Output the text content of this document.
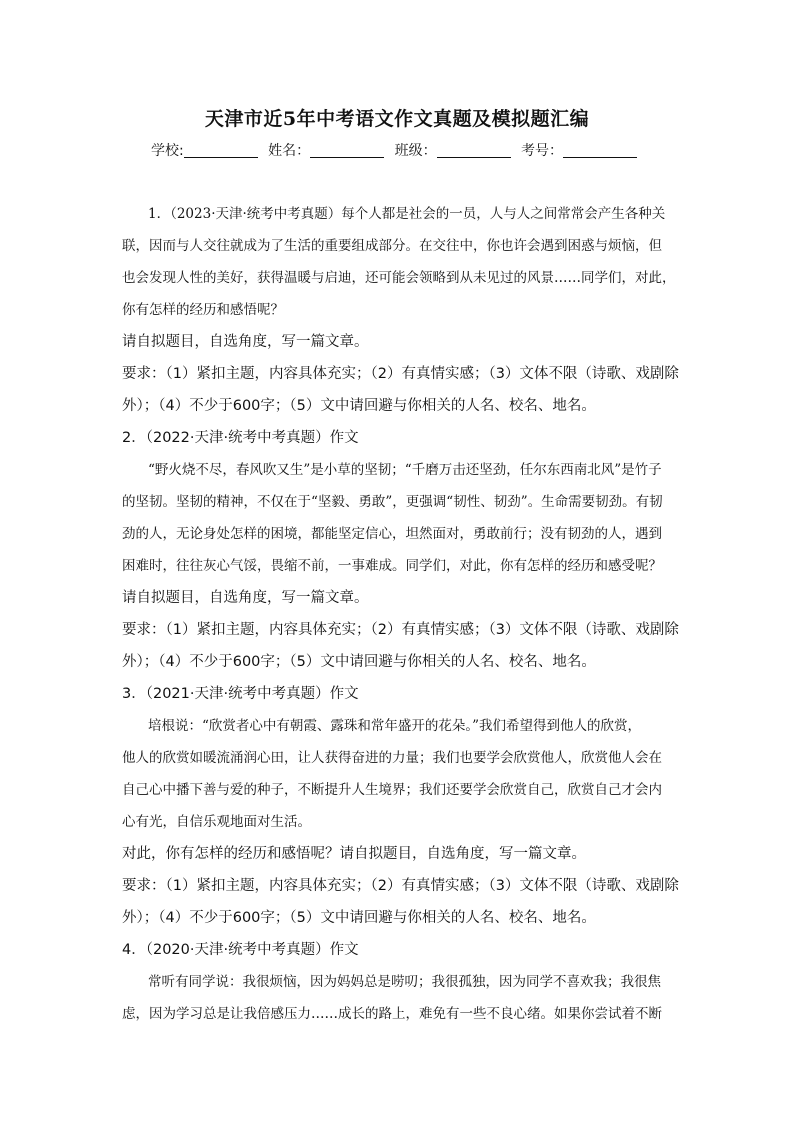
天津市近5年中考语文作文真题及模拟题汇编
学校:	姓名：	班级：	考号：
1．（2023·天津·统考中考真题）每个人都是社会的一员，人与人之间常常会产生各种关
联，因而与人交往就成为了生活的重要组成部分。在交往中，你也许会遇到困惑与烦恼，但
也会发现人性的美好，获得温暖与启迪，还可能会领略到从未见过的风景……同学们，对此，
你有怎样的经历和感悟呢？
请自拟题目，自选角度，写一篇文章。
要求：（1）紧扣主题，内容具体充实；（2）有真情实感；（3）文体不限（诗歌、戏剧除
外）；（4）不少于600字；（5）文中请回避与你相关的人名、校名、地名。
2．（2022·天津·统考中考真题）作文
“野火烧不尽，春风吹又生”是小草的坚韧；“千磨万击还坚劲，任尔东西南北风”是竹子
的坚韧。坚韧的精神，不仅在于“坚毅、勇敢”，更强调“韧性、韧劲”。生命需要韧劲。有韧
劲的人，无论身处怎样的困境，都能坚定信心，坦然面对，勇敢前行；没有韧劲的人，遇到
困难时，往往灰心气馁，畏缩不前，一事难成。同学们，对此，你有怎样的经历和感受呢？
请自拟题目，自选角度，写一篇文章。
要求：（1）紧扣主题，内容具体充实；（2）有真情实感；（3）文体不限（诗歌、戏剧除
外）；（4）不少于600字；（5）文中请回避与你相关的人名、校名、地名。
3．（2021·天津·统考中考真题）作文
培根说：“欣赏者心中有朝霞、露珠和常年盛开的花朵。”我们希望得到他人的欣赏，
他人的欣赏如暖流涌润心田，让人获得奋进的力量；我们也要学会欣赏他人，欣赏他人会在
自己心中播下善与爱的种子，不断提升人生境界；我们还要学会欣赏自己，欣赏自己才会内
心有光，自信乐观地面对生活。
对此，你有怎样的经历和感悟呢？请自拟题目，自选角度，写一篇文章。
要求：（1）紧扣主题，内容具体充实；（2）有真情实感；（3）文体不限（诗歌、戏剧除
外）；（4）不少于600字；（5）文中请回避与你相关的人名、校名、地名。
4．（2020·天津·统考中考真题）作文
常听有同学说：我很烦恼，因为妈妈总是唠叨；我很孤独，因为同学不喜欢我；我很焦
虑，因为学习总是让我倍感压力……成长的路上，难免有一些不良心绪。如果你尝试着不断
